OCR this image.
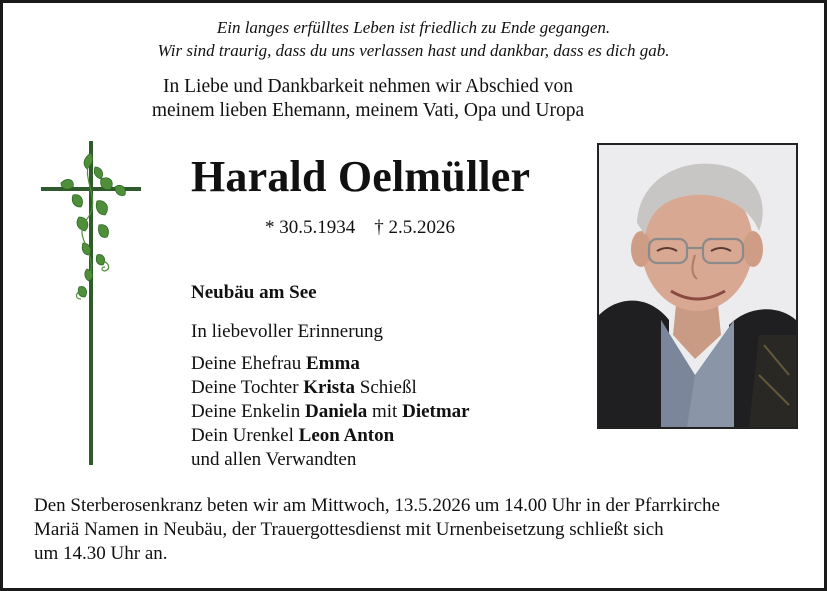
Ein langes erfülltes Leben ist friedlich zu Ende gegangen.
Wir sind traurig, dass du uns verlassen hast und dankbar, dass es dich gab.
In Liebe und Dankbarkeit nehmen wir Abschied von
meinem lieben Ehemann, meinem Vati, Opa und Uropa
Harald Oelmüller
* 30.5.1934    † 2.5.2026
Neubäu am See
In liebevoller Erinnerung
Deine Ehefrau Emma
Deine Tochter Krista Schießl
Deine Enkelin Daniela mit Dietmar
Dein Urenkel Leon Anton
und allen Verwandten
Den Sterberosenkranz beten wir am Mittwoch, 13.5.2026 um 14.00 Uhr in der Pfarrkirche
Mariä Namen in Neubäu, der Trauergottesdienst mit Urnenbeisetzung schließt sich
um 14.30 Uhr an.
